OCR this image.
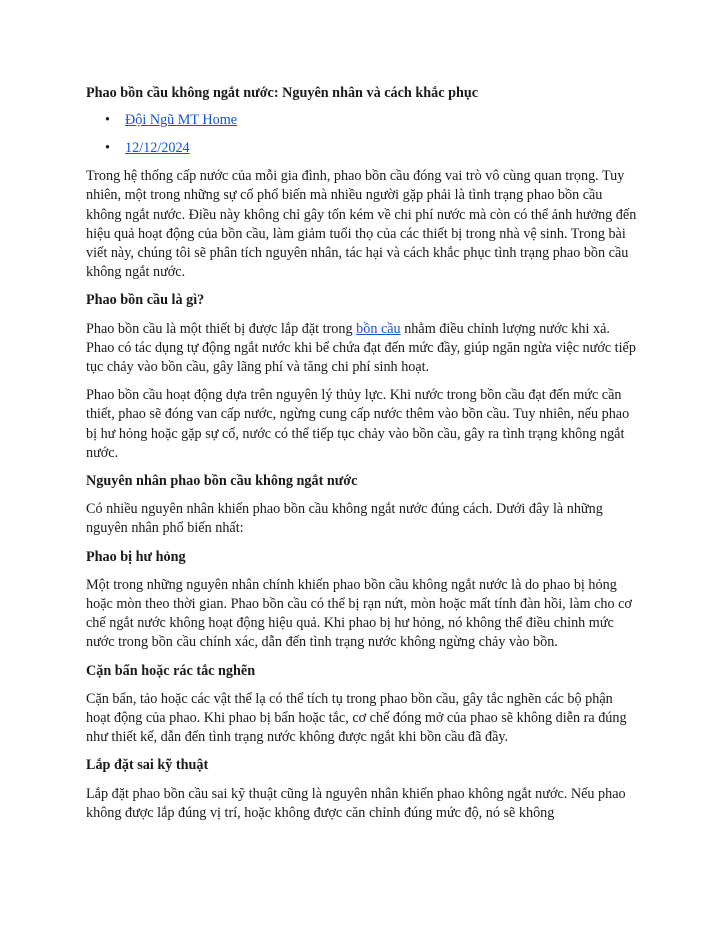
Phao bồn cầu không ngắt nước: Nguyên nhân và cách khắc phục
• Đội Ngũ MT Home
• 12/12/2024

Trong hệ thống cấp nước của mỗi gia đình, phao bồn cầu đóng vai trò vô cùng quan trọng. Tuy nhiên, một trong những sự cố phổ biến mà nhiều người gặp phải là tình trạng phao bồn cầu không ngắt nước. Điều này không chỉ gây tốn kém về chi phí nước mà còn có thể ảnh hưởng đến hiệu quả hoạt động của bồn cầu, làm giảm tuổi thọ của các thiết bị trong nhà vệ sinh. Trong bài viết này, chúng tôi sẽ phân tích nguyên nhân, tác hại và cách khắc phục tình trạng phao bồn cầu không ngắt nước.

Phao bồn cầu là gì?

Phao bồn cầu là một thiết bị được lắp đặt trong bồn cầu nhằm điều chỉnh lượng nước khi xả. Phao có tác dụng tự động ngắt nước khi bể chứa đạt đến mức đầy, giúp ngăn ngừa việc nước tiếp tục chảy vào bồn cầu, gây lãng phí và tăng chi phí sinh hoạt.

Phao bồn cầu hoạt động dựa trên nguyên lý thủy lực. Khi nước trong bồn cầu đạt đến mức cần thiết, phao sẽ đóng van cấp nước, ngừng cung cấp nước thêm vào bồn cầu. Tuy nhiên, nếu phao bị hư hỏng hoặc gặp sự cố, nước có thể tiếp tục chảy vào bồn cầu, gây ra tình trạng không ngắt nước.

Nguyên nhân phao bồn cầu không ngắt nước

Có nhiều nguyên nhân khiến phao bồn cầu không ngắt nước đúng cách. Dưới đây là những nguyên nhân phổ biến nhất:

Phao bị hư hỏng

Một trong những nguyên nhân chính khiến phao bồn cầu không ngắt nước là do phao bị hỏng hoặc mòn theo thời gian. Phao bồn cầu có thể bị rạn nứt, mòn hoặc mất tính đàn hồi, làm cho cơ chế ngắt nước không hoạt động hiệu quả. Khi phao bị hư hỏng, nó không thể điều chỉnh mức nước trong bồn cầu chính xác, dẫn đến tình trạng nước không ngừng chảy vào bồn.

Cặn bẩn hoặc rác tắc nghẽn

Cặn bẩn, tảo hoặc các vật thể lạ có thể tích tụ trong phao bồn cầu, gây tắc nghẽn các bộ phận hoạt động của phao. Khi phao bị bẩn hoặc tắc, cơ chế đóng mở của phao sẽ không diễn ra đúng như thiết kế, dẫn đến tình trạng nước không được ngắt khi bồn cầu đã đầy.

Lắp đặt sai kỹ thuật

Lắp đặt phao bồn cầu sai kỹ thuật cũng là nguyên nhân khiến phao không ngắt nước. Nếu phao không được lắp đúng vị trí, hoặc không được căn chỉnh đúng mức độ, nó sẽ không
